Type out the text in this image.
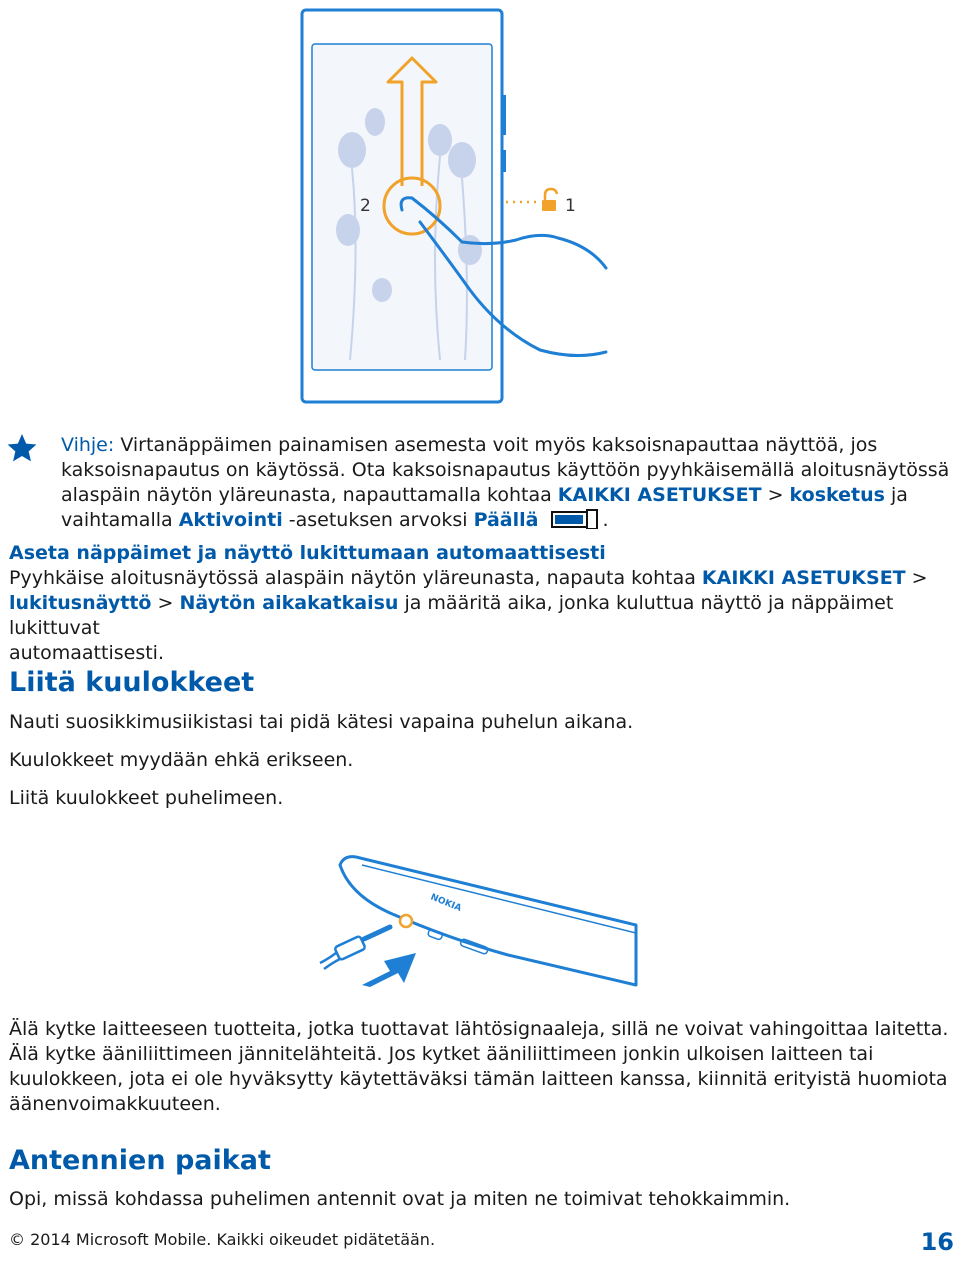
2	1
Vihje: Virtanäppäimen painamisen asemesta voit myös kaksoisnapauttaa näyttöä, jos
kaksoisnapautus on käytössä. Ota kaksoisnapautus käyttöön pyyhkäisemällä aloitusnäytössä
alaspäin näytön yläreunasta, napauttamalla kohtaa KAIKKI ASETUKSET > kosketus ja
vaihtamalla Aktivointi -asetuksen arvoksi Päällä	.
Aseta näppäimet ja näyttö lukittumaan automaattisesti
Pyyhkäise aloitusnäytössä alaspäin näytön yläreunasta, napauta kohtaa KAIKKI ASETUKSET >
lukitusnäyttö > Näytön aikakatkaisu ja määritä aika, jonka kuluttua näyttö ja näppäimet lukittuvat
automaattisesti.
Liitä kuulokkeet
Nauti suosikkimusiikistasi tai pidä kätesi vapaina puhelun aikana.
Kuulokkeet myydään ehkä erikseen.
Liitä kuulokkeet puhelimeen.
NOKIA
Älä kytke laitteeseen tuotteita, jotka tuottavat lähtösignaaleja, sillä ne voivat vahingoittaa laitetta.
Älä kytke ääniliittimeen jännitelähteitä. Jos kytket ääniliittimeen jonkin ulkoisen laitteen tai
kuulokkeen, jota ei ole hyväksytty käytettäväksi tämän laitteen kanssa, kiinnitä erityistä huomiota
äänenvoimakkuuteen.
Antennien paikat
Opi, missä kohdassa puhelimen antennit ovat ja miten ne toimivat tehokkaimmin.
© 2014 Microsoft Mobile. Kaikki oikeudet pidätetään.	16
